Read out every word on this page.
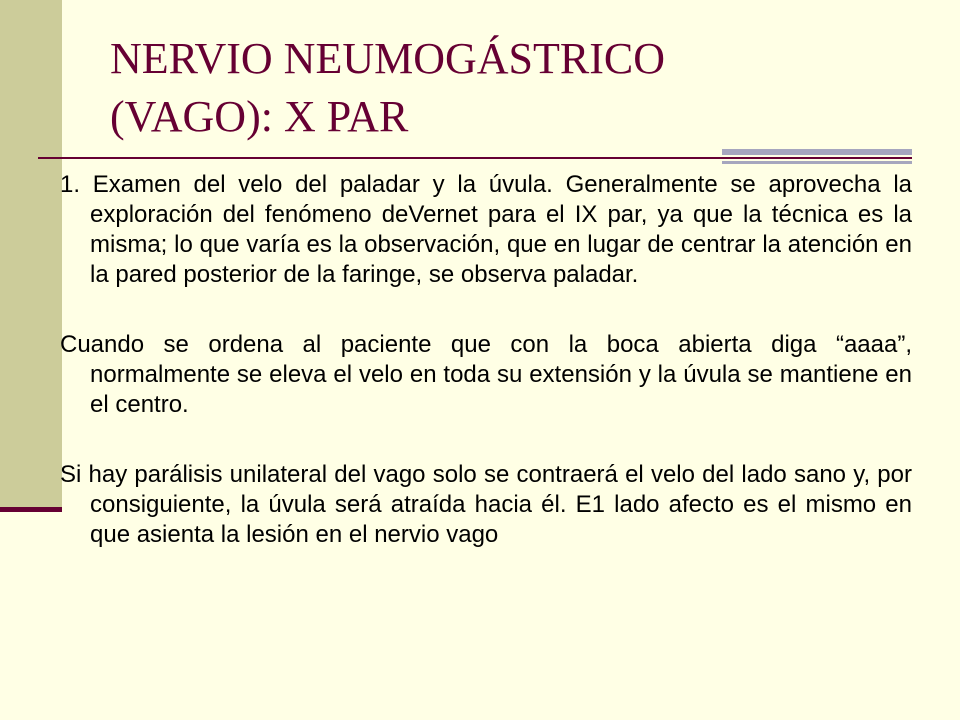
NERVIO NEUMOGÁSTRICO
(VAGO): X PAR

1. Examen del velo del paladar y la úvula. Generalmente se aprovecha la exploración del fenómeno deVernet para el IX par, ya que la técnica es la misma; lo que varía es la observación, que en lugar de centrar la atención en la pared posterior de la faringe, se observa paladar.

Cuando se ordena al paciente que con la boca abierta diga “aaaa”, normalmente se eleva el velo en toda su extensión y la úvula se mantiene en el centro.

Si hay parálisis unilateral del vago solo se contraerá el velo del lado sano y, por consiguiente, la úvula será atraída hacia él. E1 lado afecto es el mismo en que asienta la lesión en el nervio vago
